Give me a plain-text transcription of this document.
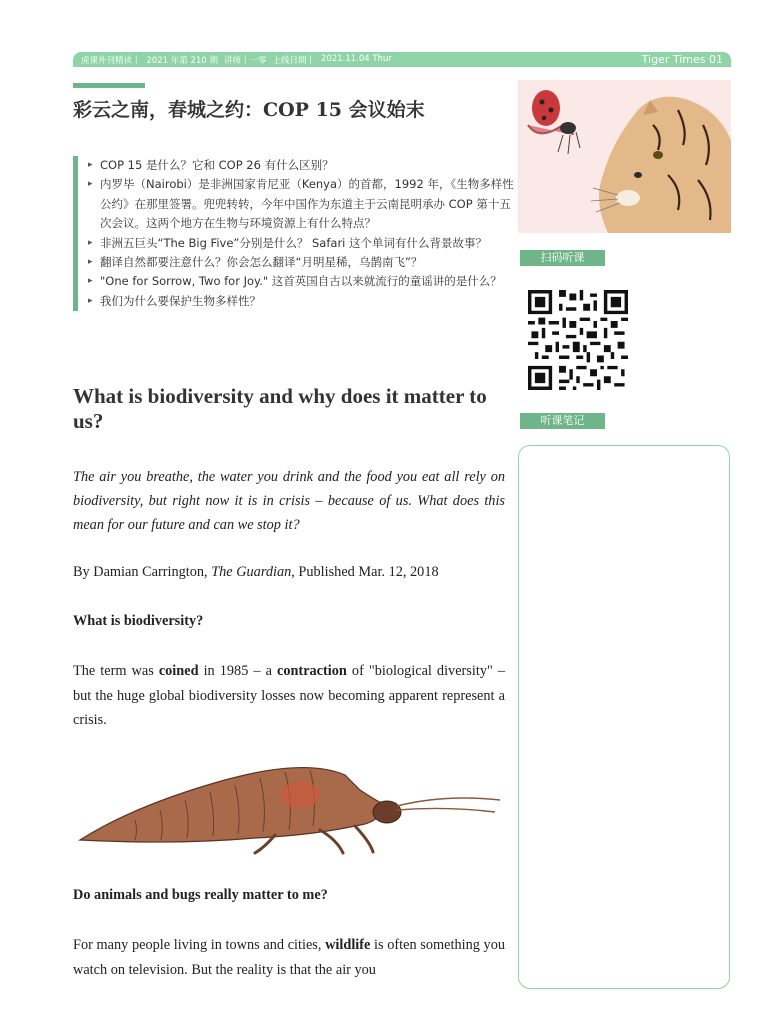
虎课外刊精读丨 2021 年第 210 期 讲师丨一零 上线日期丨 2021.11.04 Thur	Tiger Times 01
彩云之南，春城之约：COP 15 会议始末
▸ COP 15 是什么？它和 COP 26 有什么区别？
▸ 内罗毕（Nairobi）是非洲国家肯尼亚（Kenya）的首都，1992 年，《生物多样性公约》在那里签署。兜兜转转，今年中国作为东道主于云南昆明承办 COP 第十五次会议。这两个地方在生物与环境资源上有什么特点？
▸ 非洲五巨头“The Big Five”分别是什么？ Safari 这个单词有什么背景故事？
▸ 翻译自然都要注意什么？你会怎么翻译“月明星稀，乌鹊南飞”？
▸ "One for Sorrow, Two for Joy." 这首英国自古以来就流行的童谣讲的是什么？
▸ 我们为什么要保护生物多样性？
What is biodiversity and why does it matter to us?
The air you breathe, the water you drink and the food you eat all rely on biodiversity, but right now it is in crisis – because of us. What does this mean for our future and can we stop it?
By Damian Carrington, The Guardian, Published Mar. 12, 2018
What is biodiversity?
The term was coined in 1985 – a contraction of "biological diversity" – but the huge global biodiversity losses now becoming apparent represent a crisis.
Do animals and bugs really matter to me?
For many people living in towns and cities, wildlife is often something you watch on television. But the reality is that the air you
扫码听课
听课笔记
